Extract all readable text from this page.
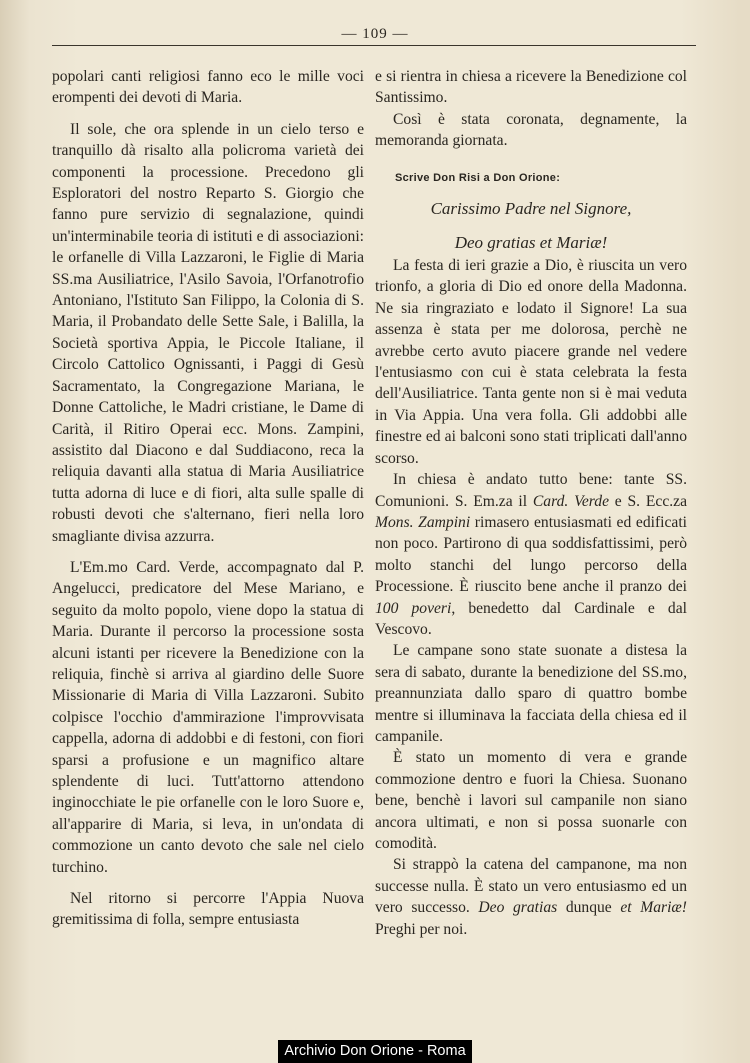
— 109 —

popolari canti religiosi fanno eco le mille voci erompenti dei devoti di Maria.

Il sole, che ora splende in un cielo terso e tranquillo dà risalto alla policroma varietà dei componenti la processione. Precedono gli Esploratori del nostro Reparto S. Giorgio che fanno pure servizio di segnalazione, quindi un'interminabile teoria di istituti e di associazioni: le orfanelle di Villa Lazzaroni, le Figlie di Maria SS.ma Ausiliatrice, l'Asilo Savoia, l'Orfanotrofio Antoniano, l'Istituto San Filippo, la Colonia di S. Maria, il Probandato delle Sette Sale, i Balilla, la Società sportiva Appia, le Piccole Italiane, il Circolo Cattolico Ognissanti, i Paggi di Gesù Sacramentato, la Congregazione Mariana, le Donne Cattoliche, le Madri cristiane, le Dame di Carità, il Ritiro Operai ecc. Mons. Zampini, assistito dal Diacono e dal Suddiacono, reca la reliquia davanti alla statua di Maria Ausiliatrice tutta adorna di luce e di fiori, alta sulle spalle di robusti devoti che s'alternano, fieri nella loro smagliante divisa azzurra.

L'Em.mo Card. Verde, accompagnato dal P. Angelucci, predicatore del Mese Mariano, e seguito da molto popolo, viene dopo la statua di Maria. Durante il percorso la processione sosta alcuni istanti per ricevere la Benedizione con la reliquia, finchè si arriva al giardino delle Suore Missionarie di Maria di Villa Lazzaroni. Subito colpisce l'occhio d'ammirazione l'improvvisata cappella, adorna di addobbi e di festoni, con fiori sparsi a profusione e un magnifico altare splendente di luci. Tutt'attorno attendono inginocchiate le pie orfanelle con le loro Suore e, all'apparire di Maria, si leva, in un'ondata di commozione un canto devoto che sale nel cielo turchino.

Nel ritorno si percorre l'Appia Nuova gremitissima di folla, sempre entusiasta

e si rientra in chiesa a ricevere la Benedizione col Santissimo.

Così è stata coronata, degnamente, la memoranda giornata.

Scrive Don Risi a Don Orione:
Carissimo Padre nel Signore,
Deo gratias et Mariæ!

La festa di ieri grazie a Dio, è riuscita un vero trionfo, a gloria di Dio ed onore della Madonna. Ne sia ringraziato e lodato il Signore! La sua assenza è stata per me dolorosa, perchè ne avrebbe certo avuto piacere grande nel vedere l'entusiasmo con cui è stata celebrata la festa dell'Ausiliatrice. Tanta gente non si è mai veduta in Via Appia. Una vera folla. Gli addobbi alle finestre ed ai balconi sono stati triplicati dall'anno scorso.

In chiesa è andato tutto bene: tante SS. Comunioni. S. Em.za il Card. Verde e S. Ecc.za Mons. Zampini rimasero entusiasmati ed edificati non poco. Partirono di qua soddisfattissimi, però molto stanchi del lungo percorso della Processione. È riuscito bene anche il pranzo dei 100 poveri, benedetto dal Cardinale e dal Vescovo.

Le campane sono state suonate a distesa la sera di sabato, durante la benedizione del SS.mo, preannunziata dallo sparo di quattro bombe mentre si illuminava la facciata della chiesa ed il campanile.

È stato un momento di vera e grande commozione dentro e fuori la Chiesa. Suonano bene, benchè i lavori sul campanile non siano ancora ultimati, e non si possa suonarle con comodità.

Si strappò la catena del campanone, ma non successe nulla. È stato un vero entusiasmo ed un vero successo. Deo gratias dunque et Mariæ! Preghi per noi.

Archivio Don Orione - Roma
